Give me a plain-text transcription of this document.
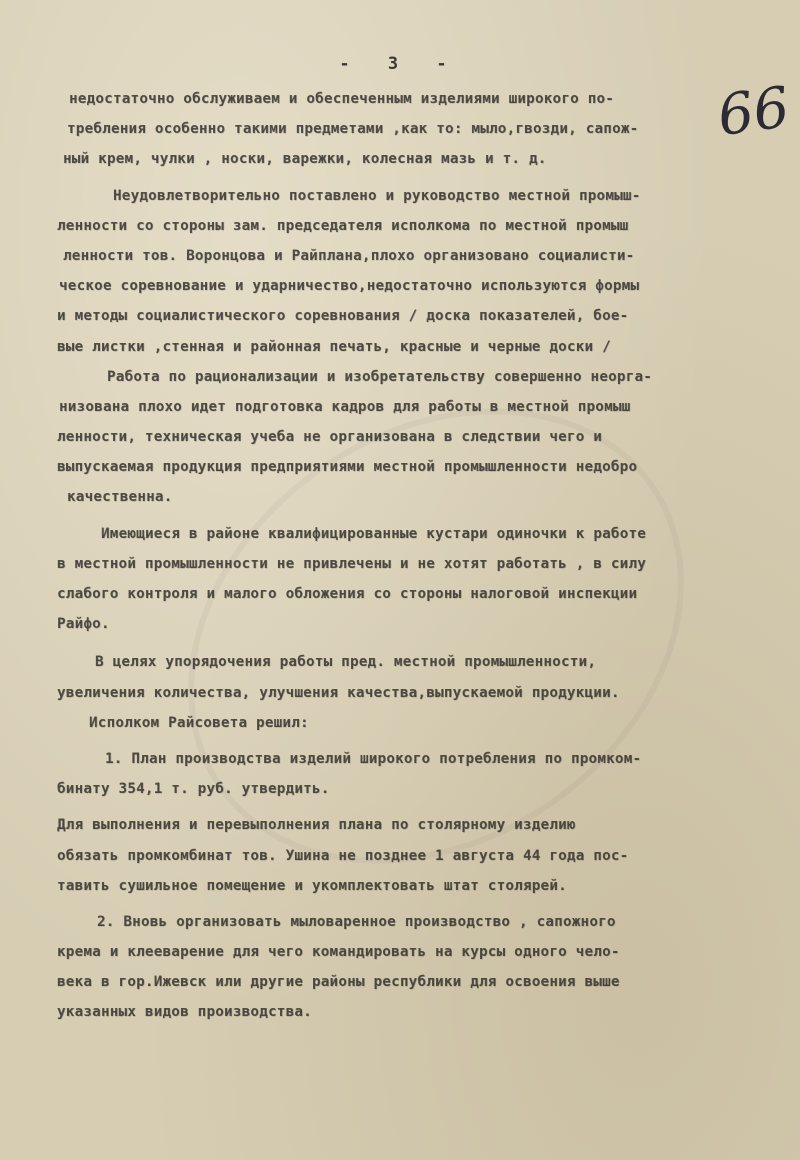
- 3 -
66
недостаточно обслуживаем и обеспеченным изделиями широкого по-
требления особенно такими предметами ,как то: мыло,гвозди, сапож-
ный крем, чулки , носки, варежки, колесная мазь и т. д.
Неудовлетворительно поставлено и руководство местной промыш-
ленности со стороны зам. председателя исполкома по местной промыш
ленности тов. Воронцова и Райплана,плохо организовано социалисти-
ческое соревнование и ударничество,недостаточно используются формы
и методы социалистического соревнования / доска показателей, бое-
вые листки ,стенная и районная печать, красные и черные доски /
Работа по рационализации и изобретательству совершенно неорга-
низована плохо идет подготовка кадров для работы в местной промыш
ленности, техническая учеба не организована в следствии чего и
выпускаемая продукция предприятиями местной промышленности недобро
качественна.
Имеющиеся в районе квалифицированные кустари одиночки к работе
в местной промышленности не привлечены и не хотят работать , в силу
слабого контроля и малого обложения со стороны налоговой инспекции
Райфо.
В целях упорядочения работы пред. местной промышленности,
увеличения количества, улучшения качества,выпускаемой продукции.
Исполком Райсовета решил:
1. План производства изделий широкого потребления по промком-
бинату 354,1 т. руб. утвердить.
Для выполнения и перевыполнения плана по столярному изделию
обязать промкомбинат тов. Ушина не позднее 1 августа 44 года пос-
тавить сушильное помещение и укомплектовать штат столярей.
2. Вновь организовать мыловаренное производство , сапожного
крема и клееварение для чего командировать на курсы одного чело-
века в гор.Ижевск или другие районы республики для освоения выше
указанных видов производства.
